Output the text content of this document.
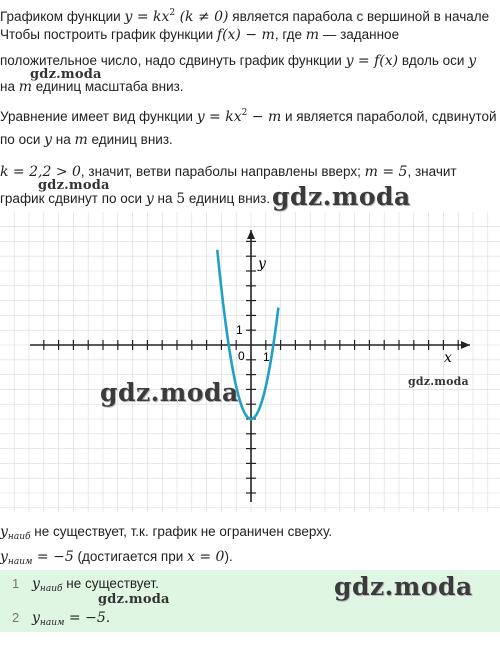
Графиком функции $y = kx^2$ (k ≠ 0) является парабола с вершиной в начале
Чтобы построить график функции f(x) − m, где m — заданное
положительное число, надо сдвинуть график функции y = f(x) вдоль оси y
gdz.moda
на m единиц масштаба вниз.
Уравнение имеет вид функции $y = kx^2 - m$ и является параболой, сдвинутой
по оси y на m единиц вниз.
k = 2,2 > 0, значит, ветви параболы направлены вверх; m = 5, значит
gdz.moda
график сдвинут по оси y на 5 единиц вниз. gdz.moda
x
y
0 1
1
gdz.moda	gdz.moda
$y_{наиб}$ не существует, т.к. график не ограничен сверху.
$y_{наим} = -5$ (достигается при x = 0).
1 $y_{наиб}$ не существует.
2 $y_{наим} = -5$.
gdz.moda	gdz.moda
